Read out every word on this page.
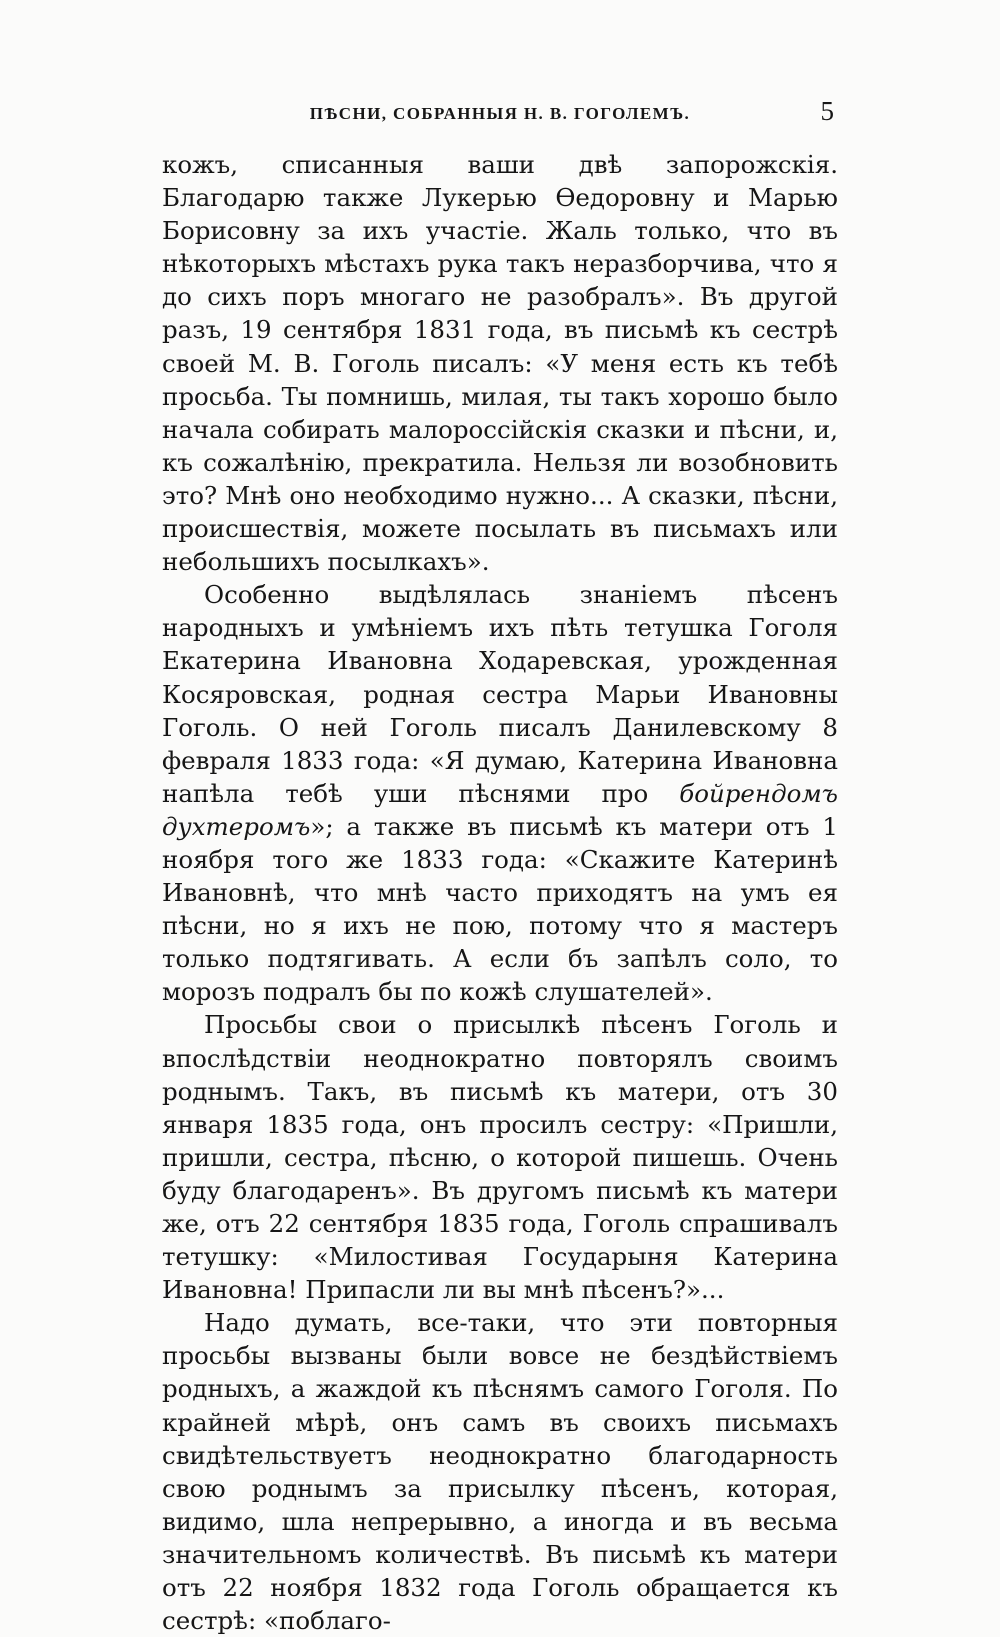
ПѢСНИ, СОБРАННЫЯ Н. В. ГОГОЛЕМЪ.	5

кожъ, списанныя ваши двѣ запорожскія. Благодарю также Лукерью Ѳедоровну и Марью Борисовну за ихъ участіе. Жаль только, что въ нѣкоторыхъ мѣстахъ рука такъ неразборчива, что я до сихъ поръ многаго не разобралъ». Въ другой разъ, 19 сентября 1831 года, въ письмѣ къ сестрѣ своей М. В. Гоголь писалъ: «У меня есть къ тебѣ просьба. Ты помнишь, милая, ты такъ хорошо было начала собирать малороссійскія сказки и пѣсни, и, къ сожалѣнію, прекратила. Нельзя ли возобновить это? Мнѣ оно необходимо нужно... А сказки, пѣсни, происшествія, можете посылать въ письмахъ или небольшихъ посылкахъ».

Особенно выдѣлялась знаніемъ пѣсенъ народныхъ и умѣніемъ ихъ пѣть тетушка Гоголя Екатерина Ивановна Ходаревская, урожденная Косяровская, родная сестра Марьи Ивановны Гоголь. О ней Гоголь писалъ Данилевскому 8 февраля 1833 года: «Я думаю, Катерина Ивановна напѣла тебѣ уши пѣснями про бойрендомъ духтеромъ»; а также въ письмѣ къ матери отъ 1 ноября того же 1833 года: «Скажите Катеринѣ Ивановнѣ, что мнѣ часто приходятъ на умъ ея пѣсни, но я ихъ не пою, потому что я мастеръ только подтягивать. А если бъ запѣлъ соло, то морозъ подралъ бы по кожѣ слушателей».

Просьбы свои о присылкѣ пѣсенъ Гоголь и впослѣдствіи неоднократно повторялъ своимъ роднымъ. Такъ, въ письмѣ къ матери, отъ 30 января 1835 года, онъ просилъ сестру: «Пришли, пришли, сестра, пѣсню, о которой пишешь. Очень буду благодаренъ». Въ другомъ письмѣ къ матери же, отъ 22 сентября 1835 года, Гоголь спрашивалъ тетушку: «Милостивая Государыня Катерина Ивановна! Припасли ли вы мнѣ пѣсенъ?»...

Надо думать, все-таки, что эти повторныя просьбы вызваны были вовсе не бездѣйствіемъ родныхъ, а жаждой къ пѣснямъ самого Гоголя. По крайней мѣрѣ, онъ самъ въ своихъ письмахъ свидѣтельствуетъ неоднократно благодарность свою роднымъ за присылку пѣсенъ, которая, видимо, шла непрерывно, а иногда и въ весьма значительномъ количествѣ. Въ письмѣ къ матери отъ 22 ноября 1832 года Гоголь обращается къ сестрѣ: «поблаго-
